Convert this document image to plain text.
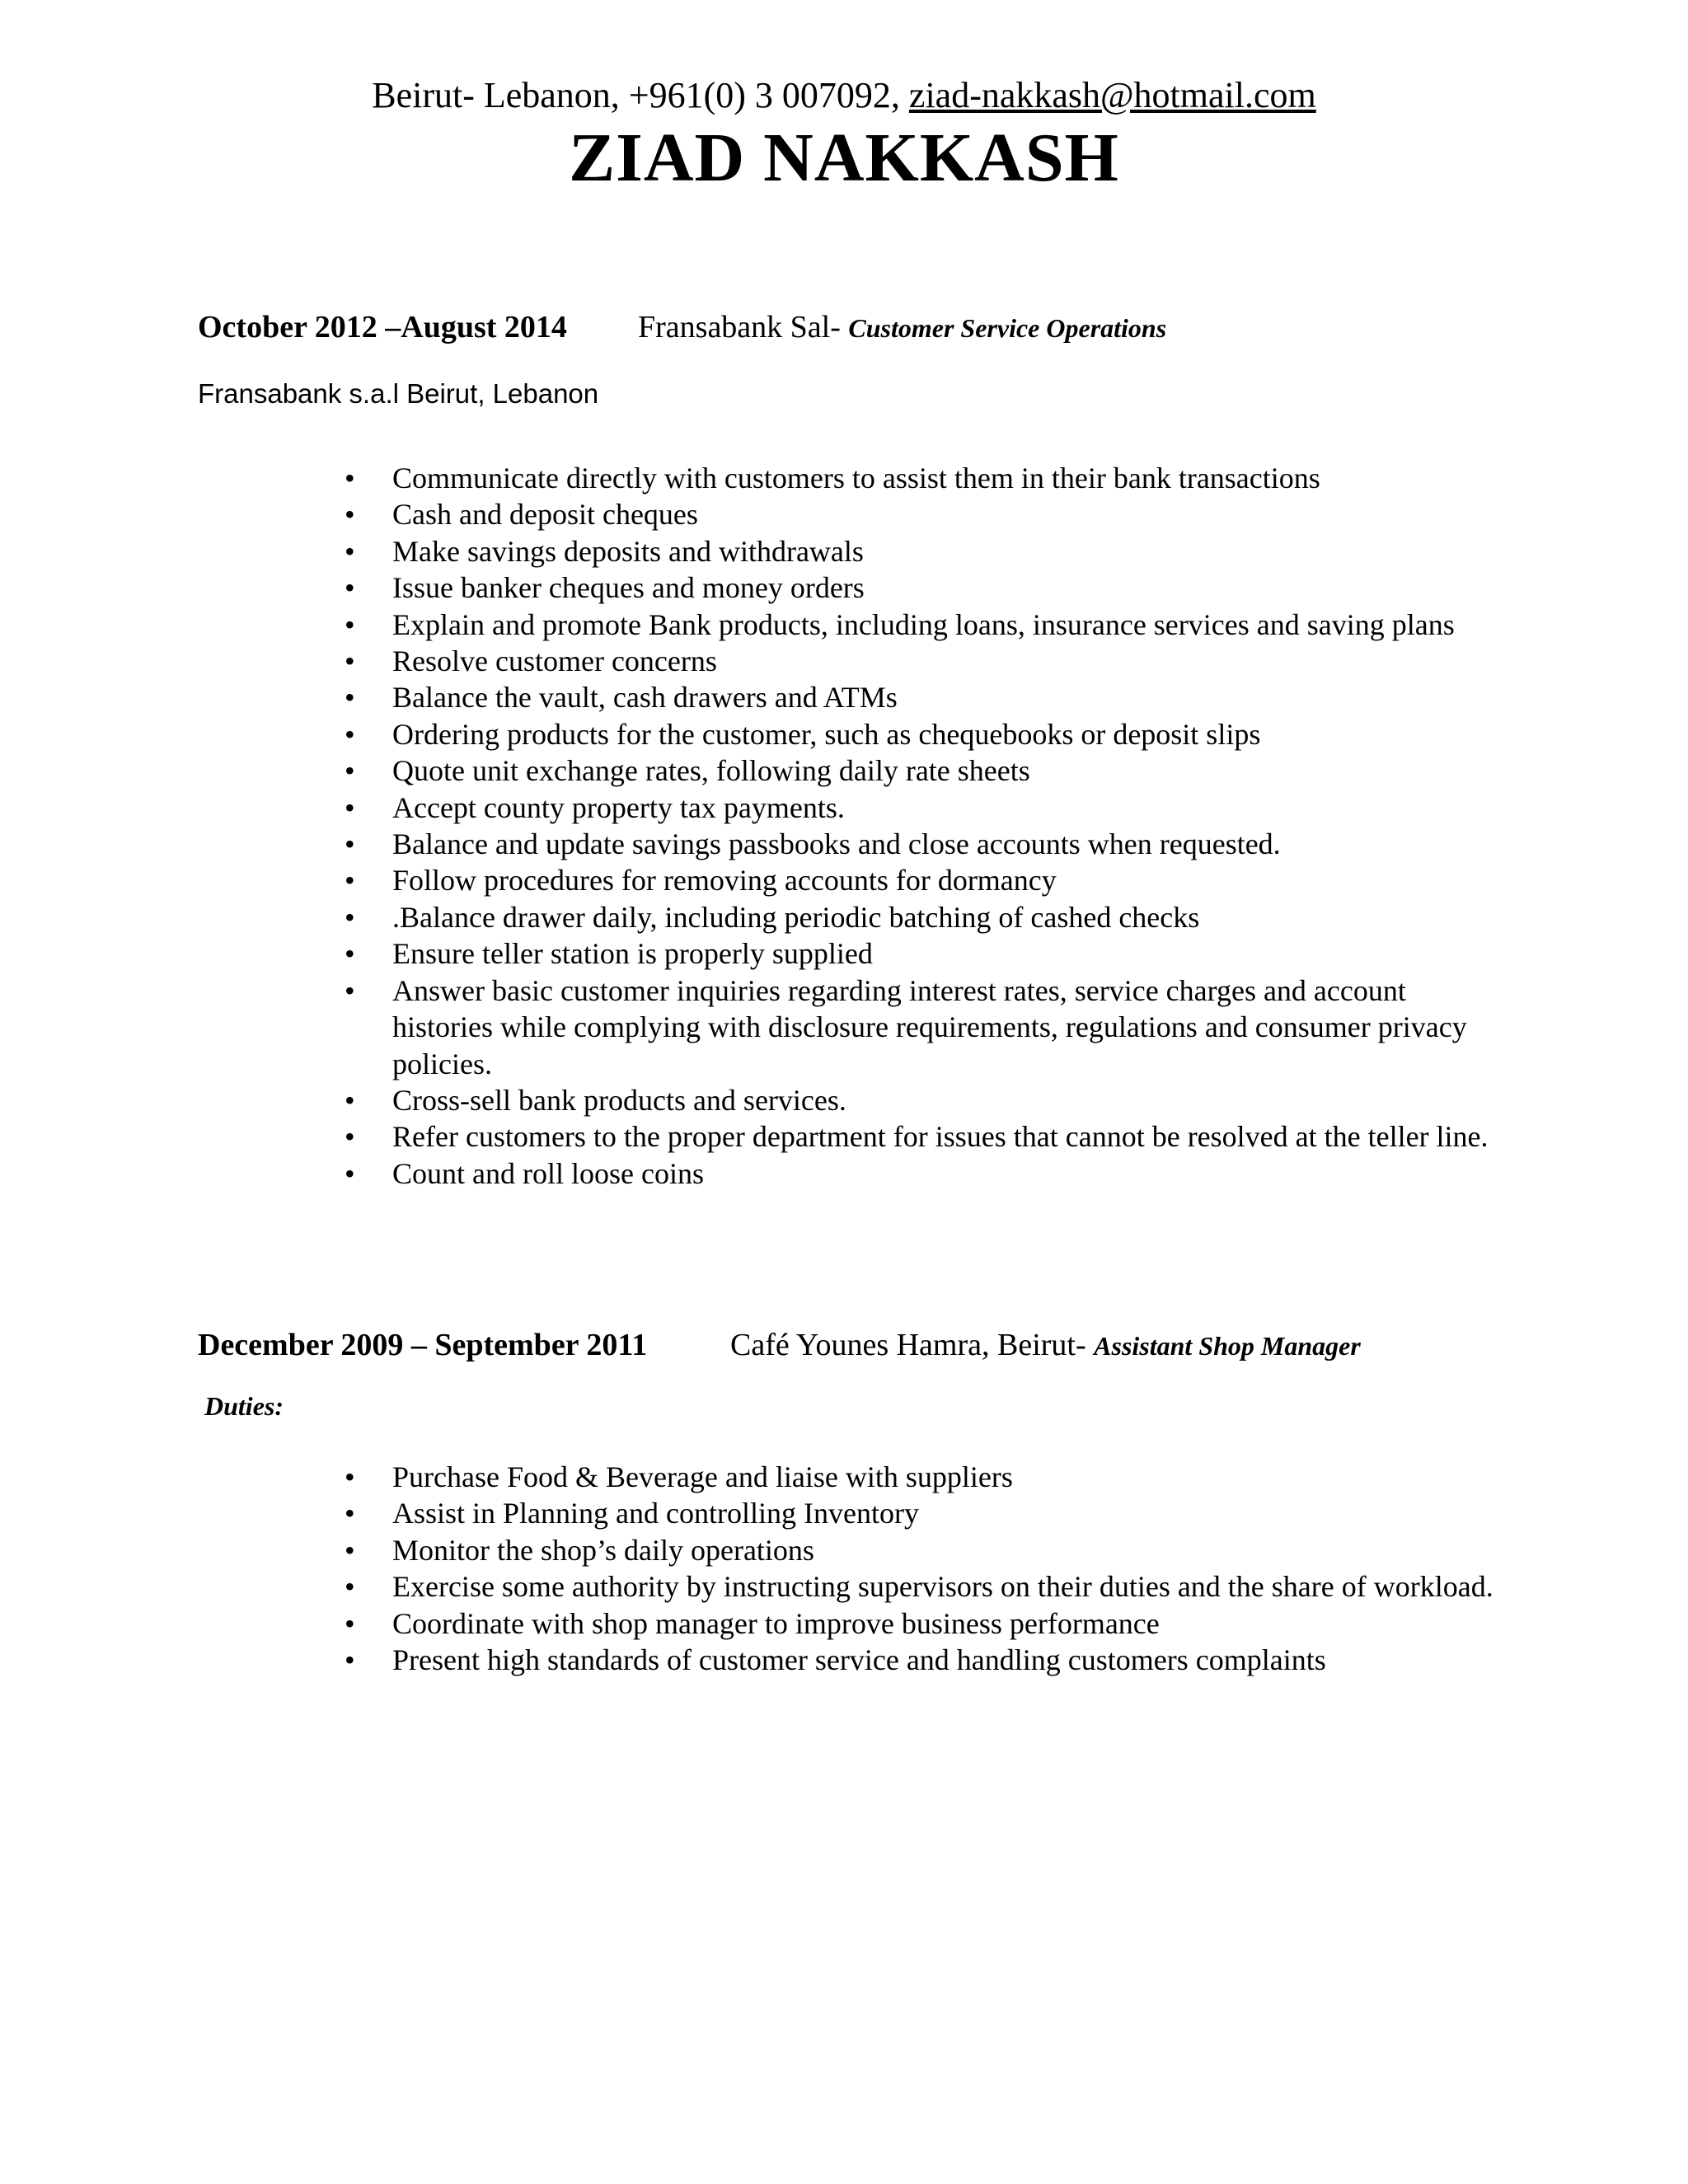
Beirut- Lebanon, +961(0) 3 007092, ziad-nakkash@hotmail.com
ZIAD NAKKASH
October 2012 –August 2014 Fransabank Sal- Customer Service Operations
Fransabank s.a.l Beirut, Lebanon
• Communicate directly with customers to assist them in their bank transactions
• Cash and deposit cheques
• Make savings deposits and withdrawals
• Issue banker cheques and money orders
• Explain and promote Bank products, including loans, insurance services and saving plans
• Resolve customer concerns
• Balance the vault, cash drawers and ATMs
• Ordering products for the customer, such as chequebooks or deposit slips
• Quote unit exchange rates, following daily rate sheets
• Accept county property tax payments.
• Balance and update savings passbooks and close accounts when requested.
• Follow procedures for removing accounts for dormancy
• .Balance drawer daily, including periodic batching of cashed checks
• Ensure teller station is properly supplied
• Answer basic customer inquiries regarding interest rates, service charges and account histories while complying with disclosure requirements, regulations and consumer privacy policies.
• Cross-sell bank products and services.
• Refer customers to the proper department for issues that cannot be resolved at the teller line.
• Count and roll loose coins
December 2009 – September 2011	Café Younes Hamra, Beirut- Assistant Shop Manager
Duties:
• Purchase Food & Beverage and liaise with suppliers
• Assist in Planning and controlling Inventory
• Monitor the shop’s daily operations
• Exercise some authority by instructing supervisors on their duties and the share of workload.
• Coordinate with shop manager to improve business performance
• Present high standards of customer service and handling customers complaints
